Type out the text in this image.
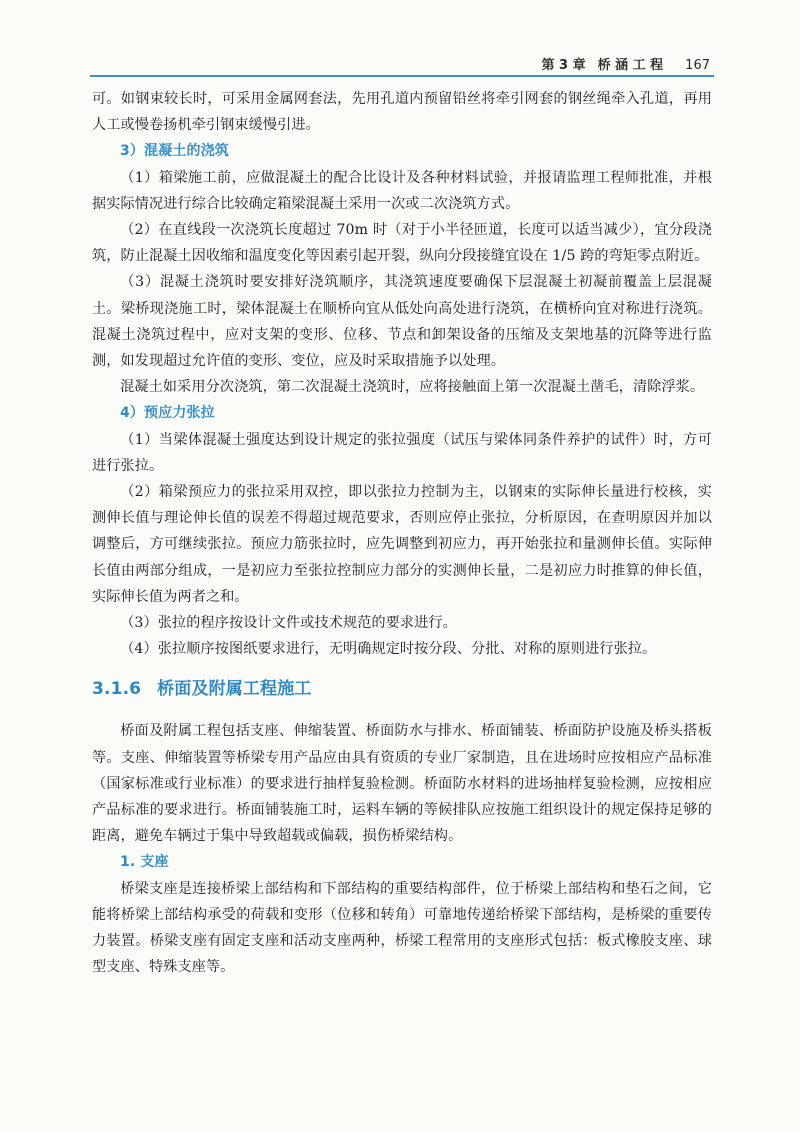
第 3 章 桥 涵 工 程 167

可。如钢束较长时，可采用金属网套法，先用孔道内预留铅丝将牵引网套的钢丝绳牵入孔道，再用人工或慢卷扬机牵引钢束缓慢引进。

3）混凝土的浇筑

（1）箱梁施工前，应做混凝土的配合比设计及各种材料试验，并报请监理工程师批准，并根据实际情况进行综合比较确定箱梁混凝土采用一次或二次浇筑方式。

（2）在直线段一次浇筑长度超过 70m 时（对于小半径匝道，长度可以适当减少），宜分段浇筑，防止混凝土因收缩和温度变化等因素引起开裂，纵向分段接缝宜设在 1/5 跨的弯矩零点附近。

（3）混凝土浇筑时要安排好浇筑顺序，其浇筑速度要确保下层混凝土初凝前覆盖上层混凝土。梁桥现浇施工时，梁体混凝土在顺桥向宜从低处向高处进行浇筑，在横桥向宜对称进行浇筑。混凝土浇筑过程中，应对支架的变形、位移、节点和卸架设备的压缩及支架地基的沉降等进行监测，如发现超过允许值的变形、变位，应及时采取措施予以处理。

混凝土如采用分次浇筑，第二次混凝土浇筑时，应将接触面上第一次混凝土凿毛，清除浮浆。

4）预应力张拉

（1）当梁体混凝土强度达到设计规定的张拉强度（试压与梁体同条件养护的试件）时，方可进行张拉。

（2）箱梁预应力的张拉采用双控，即以张拉力控制为主，以钢束的实际伸长量进行校核，实测伸长值与理论伸长值的误差不得超过规范要求，否则应停止张拉，分析原因，在查明原因并加以调整后，方可继续张拉。预应力筋张拉时，应先调整到初应力，再开始张拉和量测伸长值。实际伸长值由两部分组成，一是初应力至张拉控制应力部分的实测伸长量，二是初应力时推算的伸长值，实际伸长值为两者之和。

（3）张拉的程序按设计文件或技术规范的要求进行。

（4）张拉顺序按图纸要求进行，无明确规定时按分段、分批、对称的原则进行张拉。

3.1.6 桥面及附属工程施工

桥面及附属工程包括支座、伸缩装置、桥面防水与排水、桥面铺装、桥面防护设施及桥头搭板等。支座、伸缩装置等桥梁专用产品应由具有资质的专业厂家制造，且在进场时应按相应产品标准（国家标准或行业标准）的要求进行抽样复验检测。桥面防水材料的进场抽样复验检测，应按相应产品标准的要求进行。桥面铺装施工时，运料车辆的等候排队应按施工组织设计的规定保持足够的距离，避免车辆过于集中导致超载或偏载，损伤桥梁结构。

1. 支座

桥梁支座是连接桥梁上部结构和下部结构的重要结构部件，位于桥梁上部结构和垫石之间，它能将桥梁上部结构承受的荷载和变形（位移和转角）可靠地传递给桥梁下部结构，是桥梁的重要传力装置。桥梁支座有固定支座和活动支座两种，桥梁工程常用的支座形式包括：板式橡胶支座、球型支座、特殊支座等。
